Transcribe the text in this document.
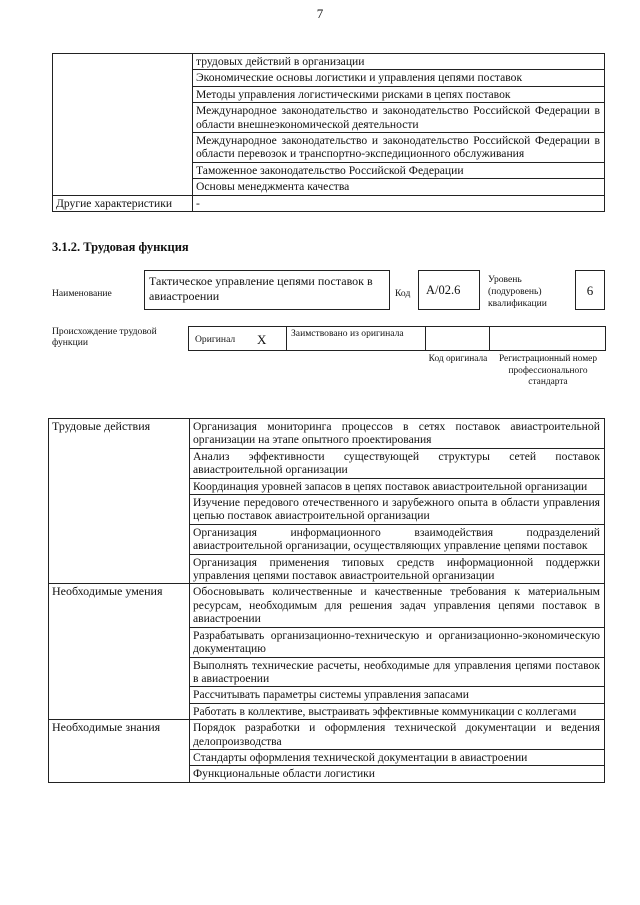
7
	трудовых действий в организации
	Экономические основы логистики и управления цепями поставок
	Методы управления логистическими рисками в цепях поставок
	Международное законодательство и законодательство Российской Федерации в области внешнеэкономической деятельности
	Международное законодательство и законодательство Российской Федерации в области перевозок и транспортно-экспедиционного обслуживания
	Таможенное законодательство Российской Федерации
	Основы менеджмента качества
Другие характеристики	-
3.1.2. Трудовая функция
Наименование
Тактическое управление цепями поставок в авиастроении	Код	A/02.6
Уровень (подуровень) квалификации
6
Происхождение трудовой функции	Оригинал X	Заимствовано из оригинала
Код оригинала	Регистрационный номер профессионального стандарта
Трудовые действия	Организация мониторинга процессов в сетях поставок авиастроительной организации на этапе опытного проектирования
	Анализ эффективности существующей структуры сетей поставок авиастроительной организации
	Координация уровней запасов в цепях поставок авиастроительной организации
	Изучение передового отечественного и зарубежного опыта в области управления цепью поставок авиастроительной организации
	Организация информационного взаимодействия подразделений авиастроительной организации, осуществляющих управление цепями поставок
	Организация применения типовых средств информационной поддержки управления цепями поставок авиастроительной организации
Необходимые умения	Обосновывать количественные и качественные требования к материальным ресурсам, необходимым для решения задач управления цепями поставок в авиастроении
	Разрабатывать организационно-техническую и организационно-экономическую документацию
	Выполнять технические расчеты, необходимые для управления цепями поставок в авиастроении
	Рассчитывать параметры системы управления запасами
	Работать в коллективе, выстраивать эффективные коммуникации с коллегами
Необходимые знания	Порядок разработки и оформления технической документации и ведения делопроизводства
	Стандарты оформления технической документации в авиастроении
	Функциональные области логистики
